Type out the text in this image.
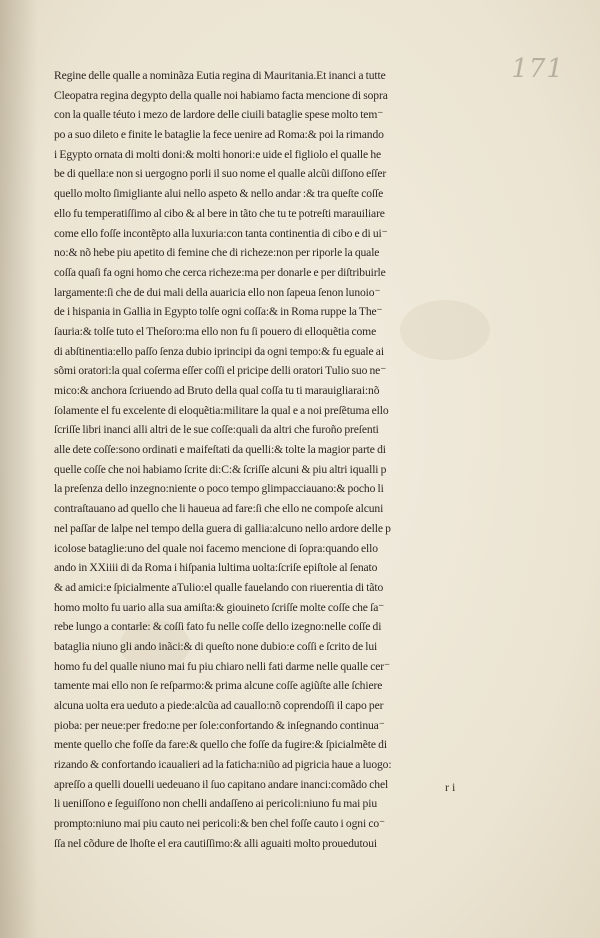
171
Regine delle qualle a nominãza Eutia regina di Mauritania.Et inanci a tutte
Cleopatra regina degypto della qualle noi habiamo facta mencione di sopra
con la qualle téuto i mezo de lardore delle ciuili bataglie spese molto tem⁻
po a suo dileto e finite le bataglie la fece uenire ad Roma:& poi la rimando
i Egypto ornata di molti doni:& molti honori:e uide el figliolo el qualle he
be di quella:e non si uergogno porli il suo nome el qualle alcũi diſſono eſſer
quello molto ſimigliante alui nello aspeto & nello andar :& tra queſte coſſe
ello fu temperatiſſimo al cibo & al bere in tãto che tu te potreſti marauiliare
come ello foſſe incontẽpto alla luxuria:con tanta continentia di cibo e di ui⁻
no:& nõ hebe piu apetito di femine che di richeze:non per riporle la quale
coſſa quaſi fa ogni homo che cerca richeze:ma per donarle e per diſtribuirle
largamente:ſi che de dui mali della auaricia ello non ſapeua ſenon lunoio⁻
de i hispania in Gallia in Egypto tolſe ogni coſſa:& in Roma ruppe la The⁻
ſauria:& tolſe tuto el Theſoro:ma ello non fu ſi pouero di elloquẽtia come
di abſtinentia:ello paſſo ſenza dubio iprincipi da ogni tempo:& fu eguale ai
sõmi oratori:la qual coſerma eſſer coſſi el pricipe delli oratori Tulio suo ne⁻
mico:& anchora ſcriuendo ad Bruto della qual coſſa tu ti marauigliarai:nõ
ſolamente el fu excelente di eloquẽtia:militare la qual e a noi preſẽtuma ello
ſcriſſe libri inanci alli altri de le sue coſſe:quali da altri che furoño preſenti
alle dete coſſe:sono ordinati e maifeſtati da quelli:& tolte la magior parte di
quelle coſſe che noi habiamo ſcrite di:C:& ſcriſſe alcuni & piu altri iqualli p
la preſenza dello inzegno:niente o poco tempo glimpacciauano:& pocho li
contraſtauano ad quello che li haueua ad fare:ſi che ello ne compoſe alcuni
nel paſſar de lalpe nel tempo della guera di gallia:alcuno nello ardore delle p
icolose bataglie:uno del quale noi facemo mencione di ſopra:quando ello
ando in XXiiii di da Roma i hiſpania lultima uolta:ſcriſe epiſtole al ſenato
& ad amici:e ſpicialmente aTulio:el qualle fauelando con riuerentia di tãto
homo molto fu uario alla sua amiſta:& giouineto ſcriſſe molte coſſe che ſa⁻
rebe lungo a contarle: & coſſi fato fu nelle coſſe dello izegno:nelle coſſe di
bataglia niuno gli ando inãci:& di queſto none dubio:e coſſi e ſcrito de lui
homo fu del qualle niuno mai fu piu chiaro nelli fati darme nelle qualle cer⁻
tamente mai ello non ſe reſparmo:& prima alcune coſſe agiũſte alle ſchiere
alcuna uolta era ueduto a piede:alcũa ad cauallo:nõ coprendoſſi il capo per
pioba: per neue:per fredo:ne per ſole:confortando & inſegnando continua⁻
mente quello che foſſe da fare:& quello che foſſe da fugire:& ſpicialmẽte di
rizando & confortando icaualieri ad la faticha:niũo ad pigricia haue a luogo:
apreſſo a quelli douelli uedeuano il ſuo capitano andare inanci:comãdo chel
li ueniſſono e ſeguiſſono non chelli andaſſeno ai pericoli:niuno fu mai piu
prompto:niuno mai piu cauto nei pericoli:& ben chel foſſe cauto i ogni co⁻
ſſa nel cõdure de lhoſte el era cautiſſimo:& alli aguaiti molto prouedutoui
r i
